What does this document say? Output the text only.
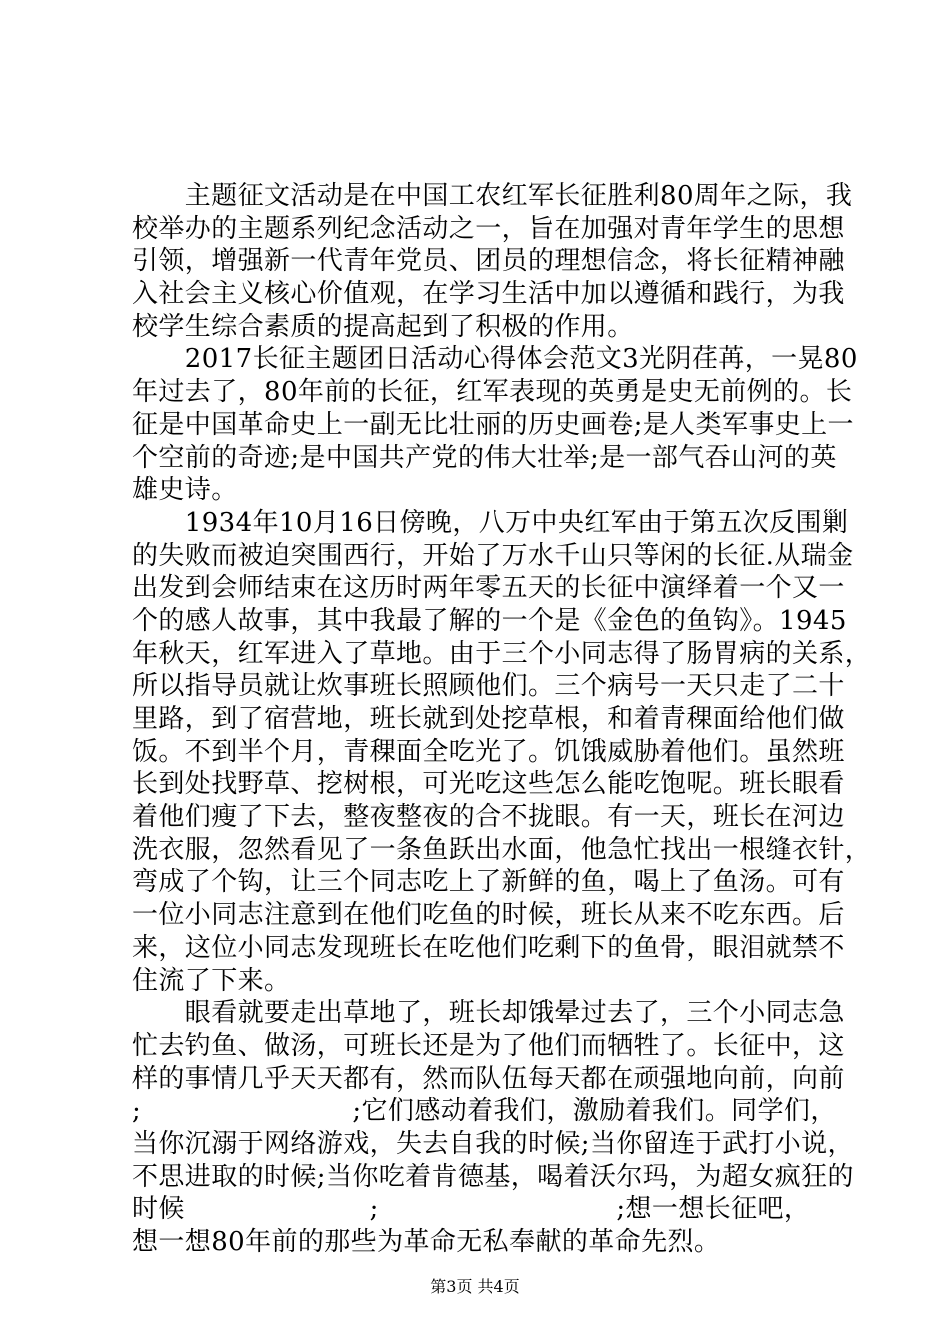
　　主题征文活动是在中国工农红军长征胜利80周年之际，我
校举办的主题系列纪念活动之一，旨在加强对青年学生的思想
引领，增强新一代青年党员、团员的理想信念，将长征精神融
入社会主义核心价值观，在学习生活中加以遵循和践行，为我
校学生综合素质的提高起到了积极的作用。
　　2017长征主题团日活动心得体会范文3光阴荏苒，一晃80
年过去了，80年前的长征，红军表现的英勇是史无前例的。长
征是中国革命史上一副无比壮丽的历史画卷;是人类军事史上一
个空前的奇迹;是中国共产党的伟大壮举;是一部气吞山河的英
雄史诗。
　　1934年10月16日傍晚，八万中央红军由于第五次反围剿
的失败而被迫突围西行，开始了万水千山只等闲的长征.从瑞金
出发到会师结束在这历时两年零五天的长征中演绎着一个又一
个的感人故事，其中我最了解的一个是《金色的鱼钩》。1945
年秋天，红军进入了草地。由于三个小同志得了肠胃病的关系，
所以指导员就让炊事班长照顾他们。三个病号一天只走了二十
里路，到了宿营地，班长就到处挖草根，和着青稞面给他们做
饭。不到半个月，青稞面全吃光了。饥饿威胁着他们。虽然班
长到处找野草、挖树根，可光吃这些怎么能吃饱呢。班长眼看
着他们瘦了下去，整夜整夜的合不拢眼。有一天，班长在河边
洗衣服，忽然看见了一条鱼跃出水面，他急忙找出一根缝衣针，
弯成了个钩，让三个同志吃上了新鲜的鱼，喝上了鱼汤。可有
一位小同志注意到在他们吃鱼的时候，班长从来不吃东西。后
来，这位小同志发现班长在吃他们吃剩下的鱼骨，眼泪就禁不
住流了下来。
　　眼看就要走出草地了，班长却饿晕过去了，三个小同志急
忙去钓鱼、做汤，可班长还是为了他们而牺牲了。长征中，这
样的事情几乎天天都有，然而队伍每天都在顽强地向前，向前
;　　　　　　　　;它们感动着我们，激励着我们。同学们，
当你沉溺于网络游戏，失去自我的时候;当你留连于武打小说，
不思进取的时候;当你吃着肯德基，喝着沃尔玛，为超女疯狂的
时候　　　　　　　;　　　　　　　　　;想一想长征吧，
想一想80年前的那些为革命无私奉献的革命先烈。
第3页 共4页
